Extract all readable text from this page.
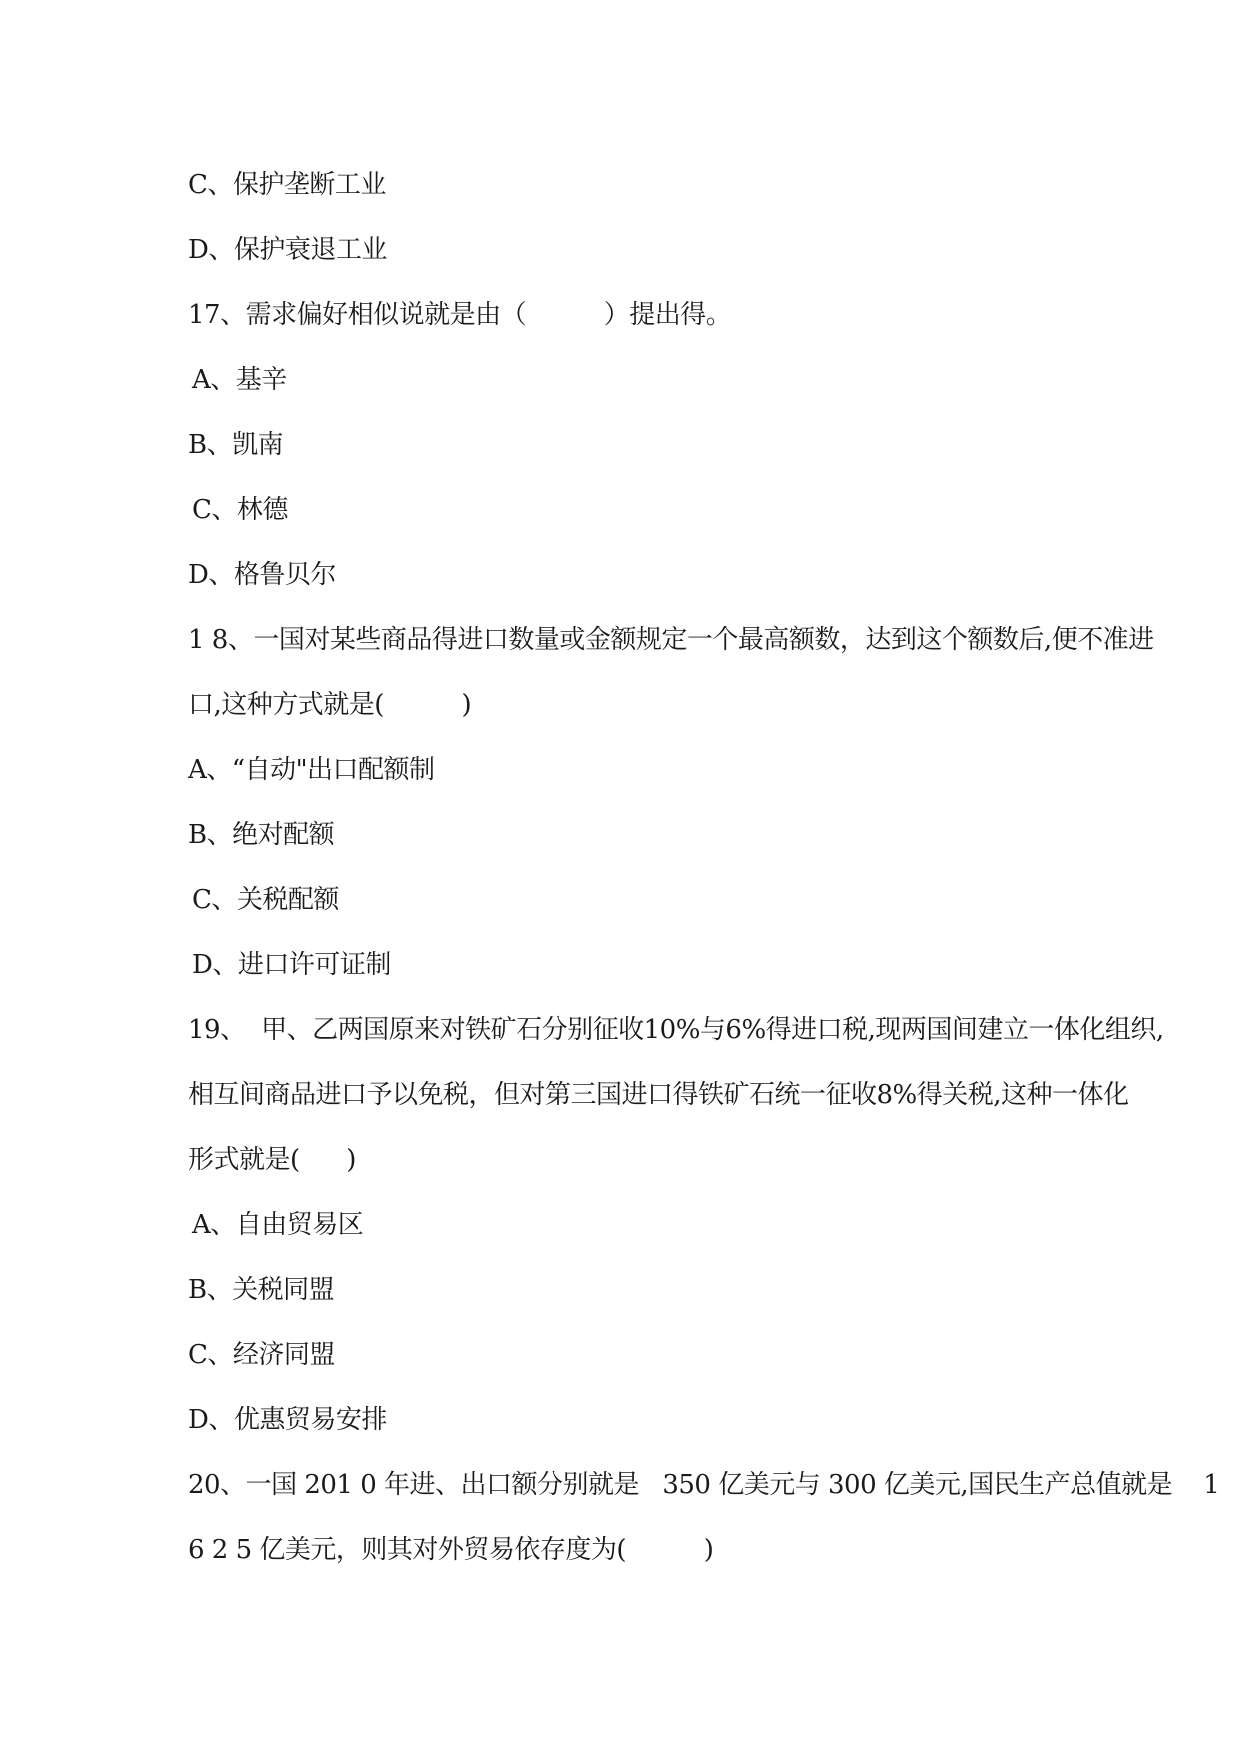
C、保护垄断工业
D、保护衰退工业
17、需求偏好相似说就是由（          ）提出得。
A、基辛
B、凯南
C、林德
D、格鲁贝尔
1 8、一国对某些商品得进口数量或金额规定一个最高额数，达到这个额数后,便不准进
口,这种方式就是(          )
A、“自动"出口配额制
B、绝对配额
C、关税配额
D、进口许可证制
19、  甲、乙两国原来对铁矿石分别征收10%与6%得进口税,现两国间建立一体化组织,
相互间商品进口予以免税，但对第三国进口得铁矿石统一征收8%得关税,这种一体化
形式就是(      )
A、自由贸易区
B、关税同盟
C、经济同盟
D、优惠贸易安排
20、一国 201 0 年进、出口额分别就是   350 亿美元与 300 亿美元,国民生产总值就是    1
6 2 5 亿美元，则其对外贸易依存度为(          )
